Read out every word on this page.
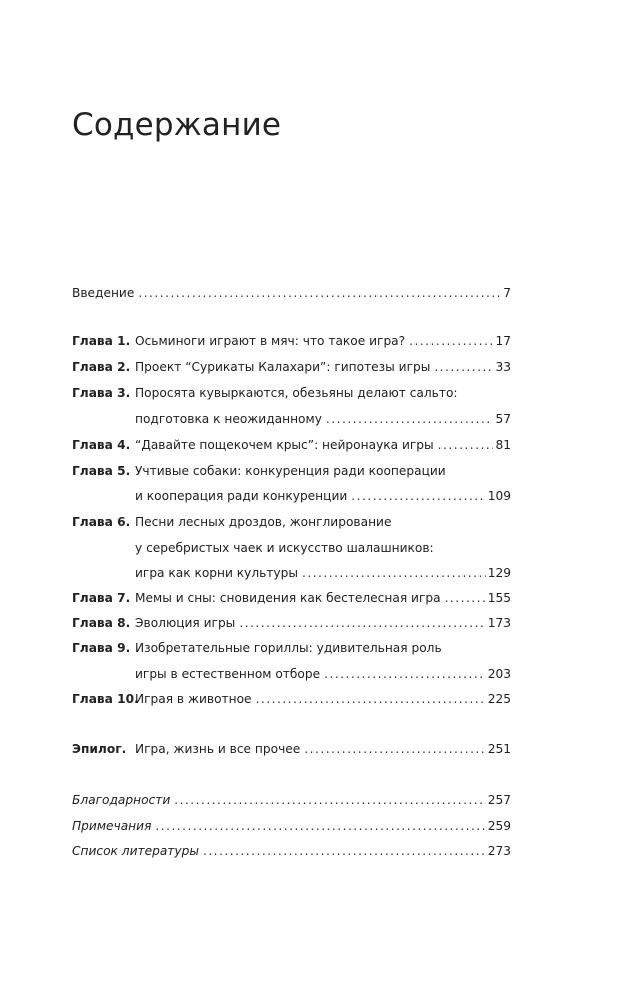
Содержание
Введение . . .	7
Глава 1. Осьминоги играют в мяч: что такое игра? . . .	17
Глава 2. Проект “Сурикаты Калахари”: гипотезы игры . . .	33
Глава 3. Поросята кувыркаются, обезьяны делают сальто:
подготовка к неожиданному . . .	57
Глава 4. “Давайте пощекочем крыс”: нейронаука игры . . .	81
Глава 5. Учтивые собаки: конкуренция ради кооперации
и кооперация ради конкуренции . . .	109
Глава 6. Песни лесных дроздов, жонглирование
у серебристых чаек и искусство шалашников:
игра как корни культуры . . .	129
Глава 7. Мемы и сны: сновидения как бестелесная игра . . .	155
Глава 8. Эволюция игры . . .	173
Глава 9. Изобретательные гориллы: удивительная роль
игры в естественном отборе . . .	203
Глава 10.
Играя в животное . . .	225
Эпилог. Игра, жизнь и все прочее . . .	251
Благодарности . . .	257
Примечания . . .	259
Список литературы . . .	273
